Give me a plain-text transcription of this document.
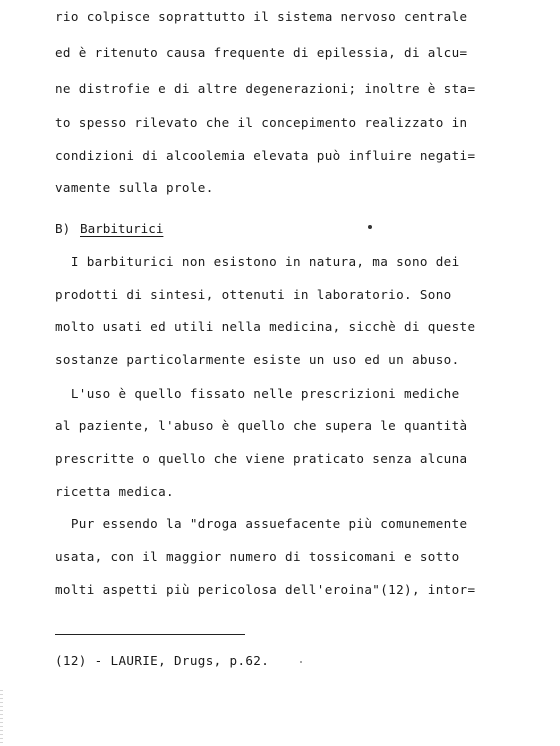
rio colpisce soprattutto il sistema nervoso centrale
ed è ritenuto causa frequente di epilessia, di alcu=
ne distrofie e di altre degenerazioni; inoltre è sta=
to spesso rilevato che il concepimento realizzato in
condizioni di alcoolemia elevata può influire negati=
vamente sulla prole.
B) Barbiturici
I barbiturici non esistono in natura, ma sono dei
prodotti di sintesi, ottenuti in laboratorio. Sono
molto usati ed utili nella medicina, sicchè di queste
sostanze particolarmente esiste un uso ed un abuso.
L'uso è quello fissato nelle prescrizioni mediche
al paziente, l'abuso è quello che supera le quantità
prescritte o quello che viene praticato senza alcuna
ricetta medica.
Pur essendo la "droga assuefacente più comunemente
usata, con il maggior numero di tossicomani e sotto
molti aspetti più pericolosa dell'eroina"(12), intor=
(12) - LAURIE, Drugs, p.62.
